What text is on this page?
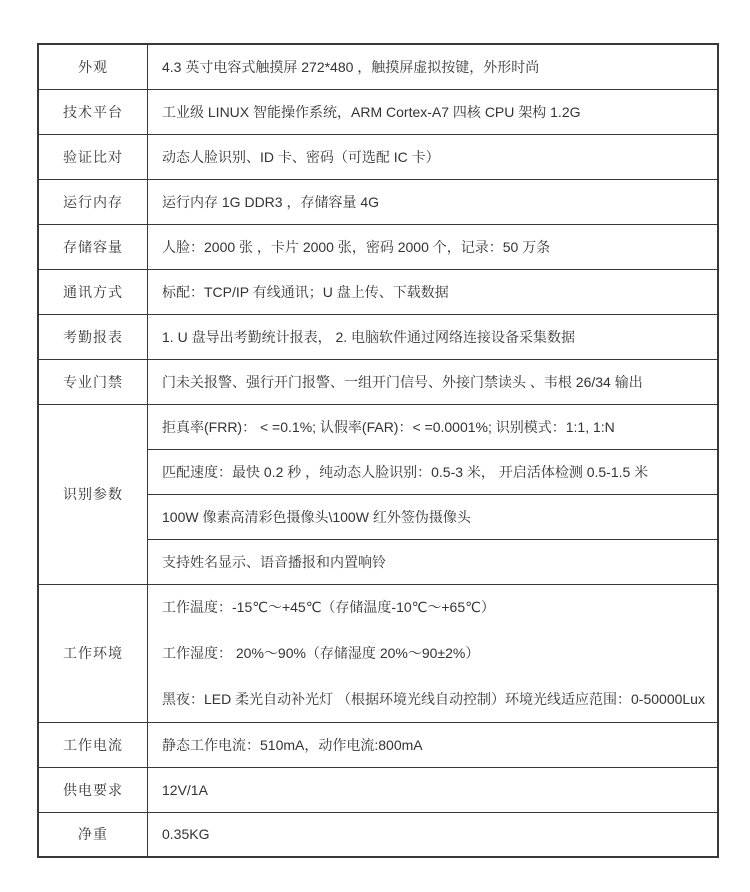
外观	4.3 英寸电容式触摸屏 272*480 ，触摸屏虚拟按键，外形时尚
技术平台	工业级 LINUX 智能操作系统，ARM Cortex-A7 四核 CPU 架构 1.2G
验证比对	动态人脸识别、ID 卡、密码（可选配 IC 卡）
运行内存	运行内存 1G DDR3 ，存储容量 4G
存储容量	人脸：2000 张 ，卡片 2000 张，密码 2000 个，记录：50 万条
通讯方式	标配：TCP/IP 有线通讯；U 盘上传、下载数据
考勤报表	1. U 盘导出考勤统计报表， 2. 电脑软件通过网络连接设备采集数据
专业门禁	门未关报警、强行开门报警、一组开门信号、外接门禁读头 、韦根 26/34 输出
识别参数	拒真率(FRR)： < =0.1%; 认假率(FAR)：< =0.0001%; 识别模式：1:1, 1:N
	匹配速度：最快 0.2 秒 ，纯动态人脸识别：0.5-3 米， 开启活体检测 0.5-1.5 米
	100W 像素高清彩色摄像头\100W 红外签伪摄像头
	支持姓名显示、语音播报和内置响铃
工作环境	工作温度：-15℃～+45℃（存储温度-10℃～+65℃）
工作湿度： 20%～90%（存储湿度 20%～90±2%）
黑夜：LED 柔光自动补光灯 （根据环境光线自动控制）环境光线适应范围：0-50000Lux

工作电流	静态工作电流：510mA，动作电流:800mA
供电要求	12V/1A
净重	0.35KG
